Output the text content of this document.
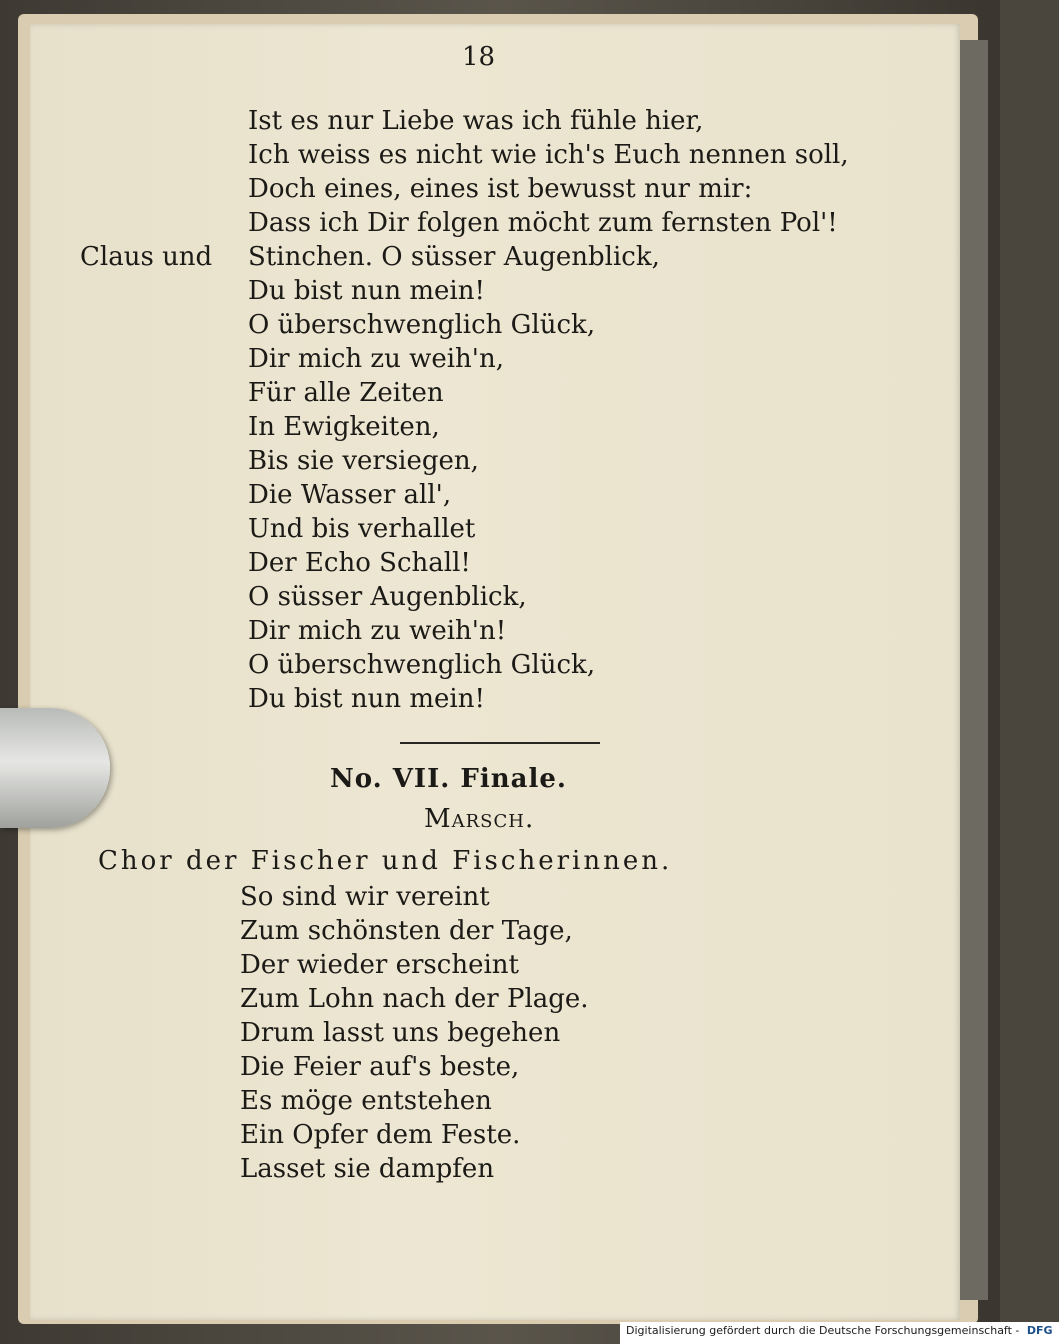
18
Ist es nur Liebe was ich fühle hier,
Ich weiss es nicht wie ich's Euch nennen soll,
Doch eines, eines ist bewusst nur mir:
Dass ich Dir folgen möcht zum fernsten Pol'!
Claus und Stinchen. O süsser Augenblick,
Du bist nun mein!
O überschwenglich Glück,
Dir mich zu weih'n,
Für alle Zeiten
In Ewigkeiten,
Bis sie versiegen,
Die Wasser all',
Und bis verhallet
Der Echo Schall!
O süsser Augenblick,
Dir mich zu weih'n!
O überschwenglich Glück,
Du bist nun mein!
No. VII. Finale.
Marsch.
Chor der Fischer und Fischerinnen.
So sind wir vereint
Zum schönsten der Tage,
Der wieder erscheint
Zum Lohn nach der Plage.
Drum lasst uns begehen
Die Feier auf's beste,
Es möge entstehen
Ein Opfer dem Feste.
Lasset sie dampfen
Digitalisierung gefördert durch die Deutsche Forschungsgemeinschaft - DFG
